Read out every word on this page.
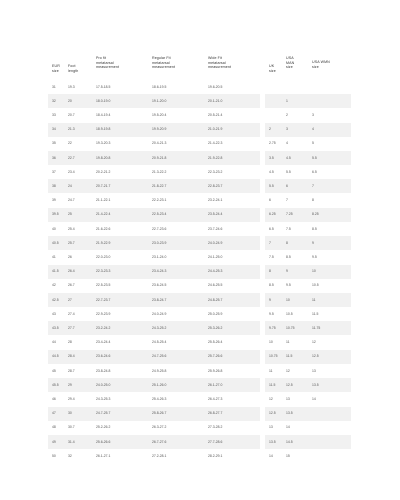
EUR
size
Foot
length
Pro fit
metatarsal
measurement
Regular Fit
metatarsal
measurement
Wide Fit
metatarsal
measurement	UK
size
USA
MAN
size
USA WMN
size
31	19.3	17.5-18.5	18.6-19.5	19.6-20.5
32	20	18.0-19.0	19.1-20.0	20.1-21.0	1
33	20.7	18.4-19.4	19.5-20.4	20.5-21.4	2	3
34	21.3	18.9-19.8	19.9-20.9	21.0-21.9	2	3	4
35	22	19.3-20.3	20.4-21.3	21.4-22.3	2.75	4	5
36	22.7	19.8-20.8	20.9-21.8	21.9-22.8	3.5	4.5	5.5
37	23.4	20.2-21.2	21.3-22.2	22.3-23.2	4.5	5.5	6.5
38	24	20.7-21.7	21.8-22.7	22.8-23.7	5.5	6	7
39	24.7	21.1-22.1	22.2-23.1	23.2-24.1	6	7	8
39.5	25	21.4-22.4	22.5-23.4	23.5-24.4	6.25	7.25	8.25
40	25.4	21.6-22.6	22.7-23.6	23.7-24.6	6.5	7.5	8.5
40.5	25.7	21.9-22.9	23.0-23.9	24.0-24.9	7	8	9
41	26	22.0-23.0	23.1-24.0	24.1-25.0	7.5	8.5	9.5
41.5	26.4	22.3-23.3	23.4-24.3	24.4-25.3	8	9	10
42	26.7	22.5-23.5	23.6-24.5	24.6-25.5	8.5	9.5	10.5
42.5	27	22.7-23.7	23.8-24.7	24.8-25.7	9	10	11
43	27.4	22.9-23.9	24.0-24.9	25.0-25.9	9.5	10.5	11.5
43.5	27.7	23.2-24.2	24.3-25.2	25.3-26.2	9.75	10.75	11.75
44	28	23.4-24.4	24.5-25.4	25.5-26.4	10	11	12
44.5	28.4	23.6-24.6	24.7-25.6	25.7-26.6	10.75	11.5	12.5
45	28.7	23.8-24.8	24.9-25.8	25.9-26.8	11	12	13
45.5	29	24.0-25.0	25.1-26.0	26.1-27.0	11.5	12.5	13.5
46	29.4	24.3-25.3	25.4-26.3	26.4-27.3	12	13	14
47	30	24.7-25.7	25.8-26.7	26.8-27.7	12.5	13.5
48	30.7	25.2-26.2	26.3-27.2	27.3-28.2	13	14
49	31.4	25.6-26.6	26.7-27.6	27.7-28.6	13.5	14.5
50	32	26.1-27.1	27.2-28.1	28.2-29.1	14	15
